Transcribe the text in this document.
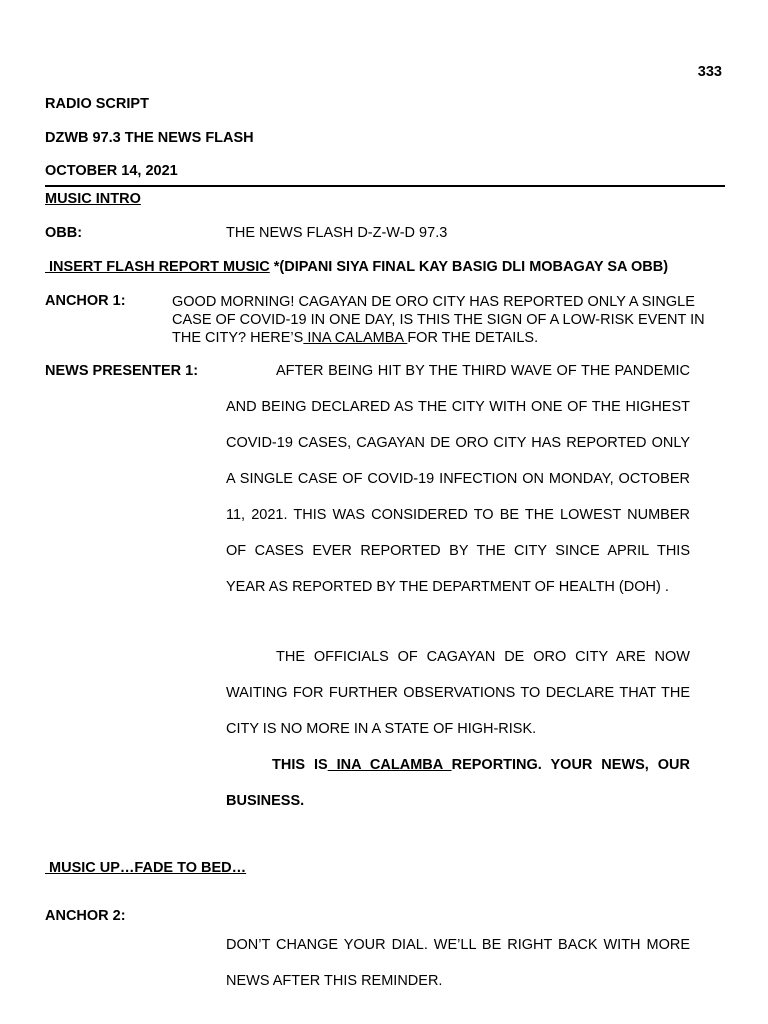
333
RADIO SCRIPT
DZWB 97.3 THE NEWS FLASH
OCTOBER 14, 2021
MUSIC INTRO
OBB:	THE NEWS FLASH D-Z-W-D 97.3
INSERT FLASH REPORT MUSIC *(DIPANI SIYA FINAL KAY BASIG DLI MOBAGAY SA OBB)
ANCHOR 1:	GOOD MORNING! CAGAYAN DE ORO CITY HAS REPORTED ONLY A SINGLE CASE OF COVID-19 IN ONE DAY, IS THIS THE SIGN OF A LOW-RISK EVENT IN THE CITY? HERE’S INA CALAMBA FOR THE DETAILS.
NEWS PRESENTER 1:	AFTER BEING HIT BY THE THIRD WAVE OF THE PANDEMIC AND BEING DECLARED AS THE CITY WITH ONE OF THE HIGHEST COVID-19 CASES, CAGAYAN DE ORO CITY HAS REPORTED ONLY A SINGLE CASE OF COVID-19 INFECTION ON MONDAY, OCTOBER 11, 2021. THIS WAS CONSIDERED TO BE THE LOWEST NUMBER OF CASES EVER REPORTED BY THE CITY SINCE APRIL THIS YEAR AS REPORTED BY THE DEPARTMENT OF HEALTH (DOH) .
THE OFFICIALS OF CAGAYAN DE ORO CITY ARE NOW WAITING FOR FURTHER OBSERVATIONS TO DECLARE THAT THE CITY IS NO MORE IN A STATE OF HIGH-RISK.
THIS IS INA CALAMBA REPORTING. YOUR NEWS, OUR BUSINESS.
MUSIC UP…FADE TO BED…
ANCHOR 2:
DON’T CHANGE YOUR DIAL. WE’LL BE RIGHT BACK WITH MORE NEWS AFTER THIS REMINDER.
